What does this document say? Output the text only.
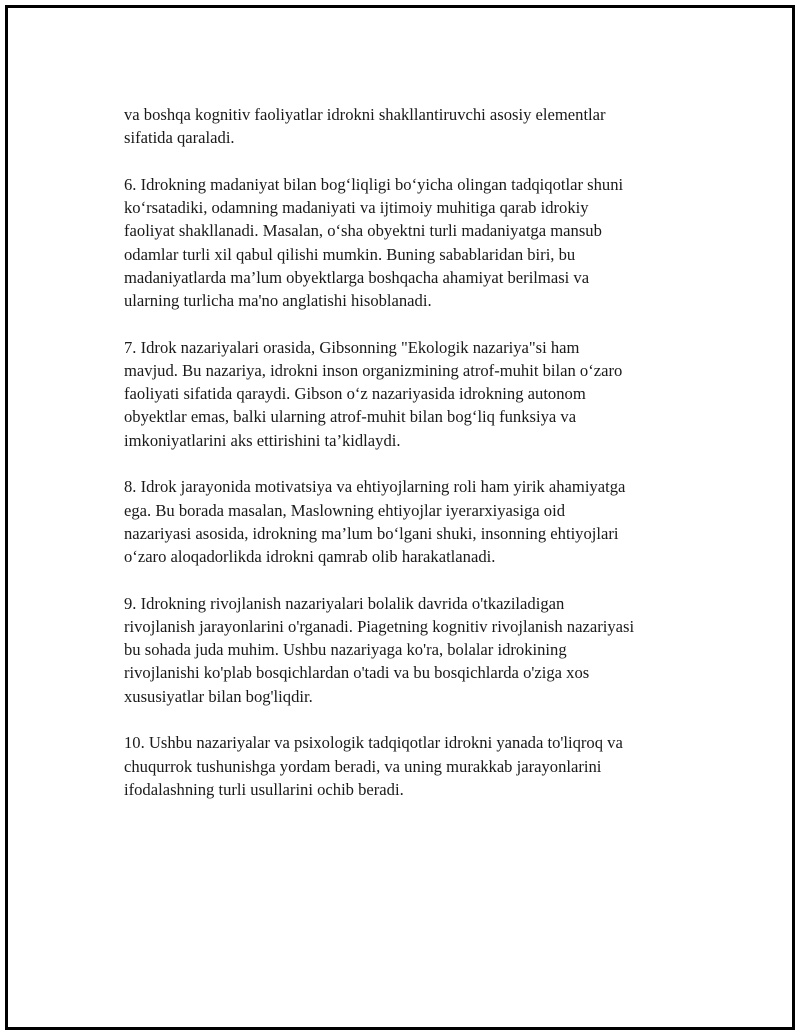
va boshqa kognitiv faoliyatlar idrokni shakllantiruvchi asosiy elementlar
sifatida qaraladi.

6. Idrokning madaniyat bilan bog‘liqligi bo‘yicha olingan tadqiqotlar shuni
ko‘rsatadiki, odamning madaniyati va ijtimoiy muhitiga qarab idrokiy
faoliyat shakllanadi. Masalan, o‘sha obyektni turli madaniyatga mansub
odamlar turli xil qabul qilishi mumkin. Buning sabablaridan biri, bu
madaniyatlarda ma’lum obyektlarga boshqacha ahamiyat berilmasi va
ularning turlicha ma'no anglatishi hisoblanadi.

7. Idrok nazariyalari orasida, Gibsonning "Ekologik nazariya"si ham
mavjud. Bu nazariya, idrokni inson organizmining atrof-muhit bilan o‘zaro
faoliyati sifatida qaraydi. Gibson o‘z nazariyasida idrokning autonom
obyektlar emas, balki ularning atrof-muhit bilan bog‘liq funksiya va
imkoniyatlarini aks ettirishini ta’kidlaydi.

8. Idrok jarayonida motivatsiya va ehtiyojlarning roli ham yirik ahamiyatga
ega. Bu borada masalan, Maslowning ehtiyojlar iyerarxiyasiga oid
nazariyasi asosida, idrokning ma’lum bo‘lgani shuki, insonning ehtiyojlari
o‘zaro aloqadorlikda idrokni qamrab olib harakatlanadi.

9. Idrokning rivojlanish nazariyalari bolalik davrida o'tkaziladigan
rivojlanish jarayonlarini o'rganadi. Piagetning kognitiv rivojlanish nazariyasi
bu sohada juda muhim. Ushbu nazariyaga ko'ra, bolalar idrokining
rivojlanishi ko'plab bosqichlardan o'tadi va bu bosqichlarda o'ziga xos
xususiyatlar bilan bog'liqdir.

10. Ushbu nazariyalar va psixologik tadqiqotlar idrokni yanada to'liqroq va
chuqurrok tushunishga yordam beradi, va uning murakkab jarayonlarini
ifodalashning turli usullarini ochib beradi.
